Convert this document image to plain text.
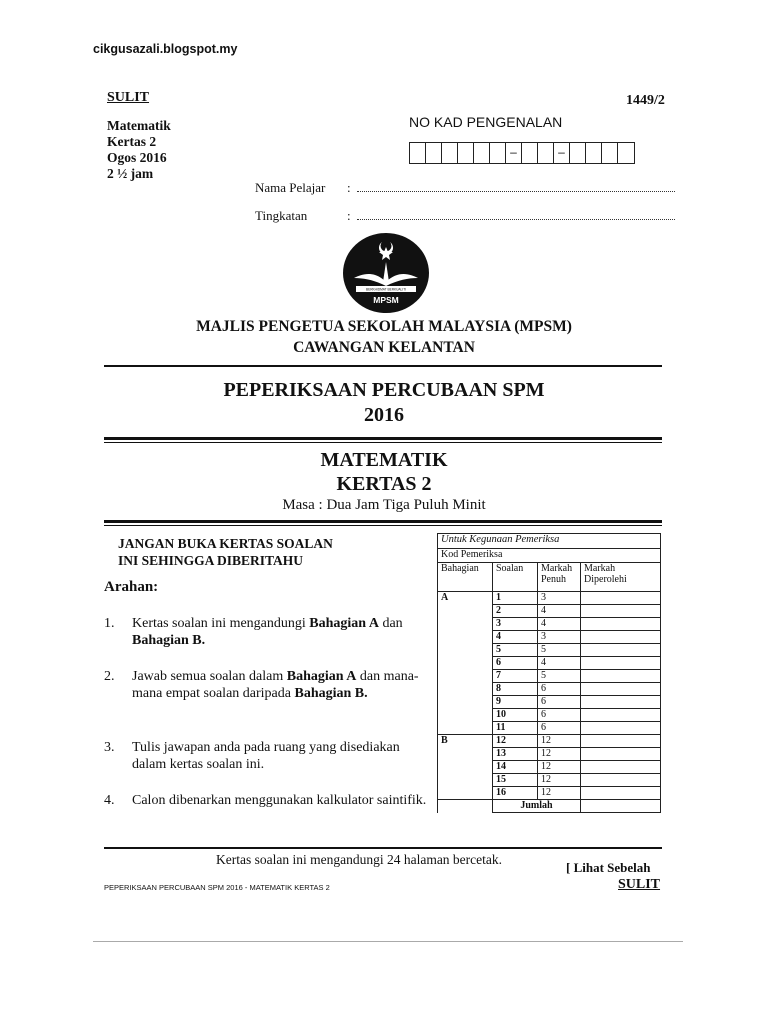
cikgusazali.blogspot.my
SULIT	1449/2
Matematik
Kertas 2
Ogos 2016
2 ½ jam
NO KAD PENGENALAN
–	–
Nama Pelajar	:
Tingkatan	:
BERKHIDMAT BERKUALITI
MPSM
MAJLIS PENGETUA SEKOLAH MALAYSIA (MPSM)
CAWANGAN KELANTAN
PEPERIKSAAN PERCUBAAN SPM
2016
MATEMATIK
KERTAS 2
Masa : Dua Jam Tiga Puluh Minit
JANGAN BUKA KERTAS SOALAN
INI SEHINGGA DIBERITAHU
Arahan:
1.	Kertas soalan ini mengandungi Bahagian A dan Bahagian B.
2.	Jawab semua soalan dalam Bahagian A dan mana-mana empat soalan daripada Bahagian B.
3.	Tulis jawapan anda pada ruang yang disediakan dalam kertas soalan ini.
4.	Calon dibenarkan menggunakan kalkulator saintifik.
Untuk Kegunaan Pemeriksa			
Kod Pemeriksa			
Bahagian	Soalan	Markah Penuh	Markah Diperolehi
A	1	3	
	2	4	
	3	4	
	4	3	
	5	5	
	6	4	
	7	5	
	8	6	
	9	6	
	10	6	
	11	6	
B	12	12	
	13	12	
	14	12	
	15	12	
	16	12	
	Jumlah		
Kertas soalan ini mengandungi 24 halaman bercetak.
[ Lihat Sebelah
PEPERIKSAAN PERCUBAAN SPM 2016 - MATEMATIK KERTAS 2	SULIT
